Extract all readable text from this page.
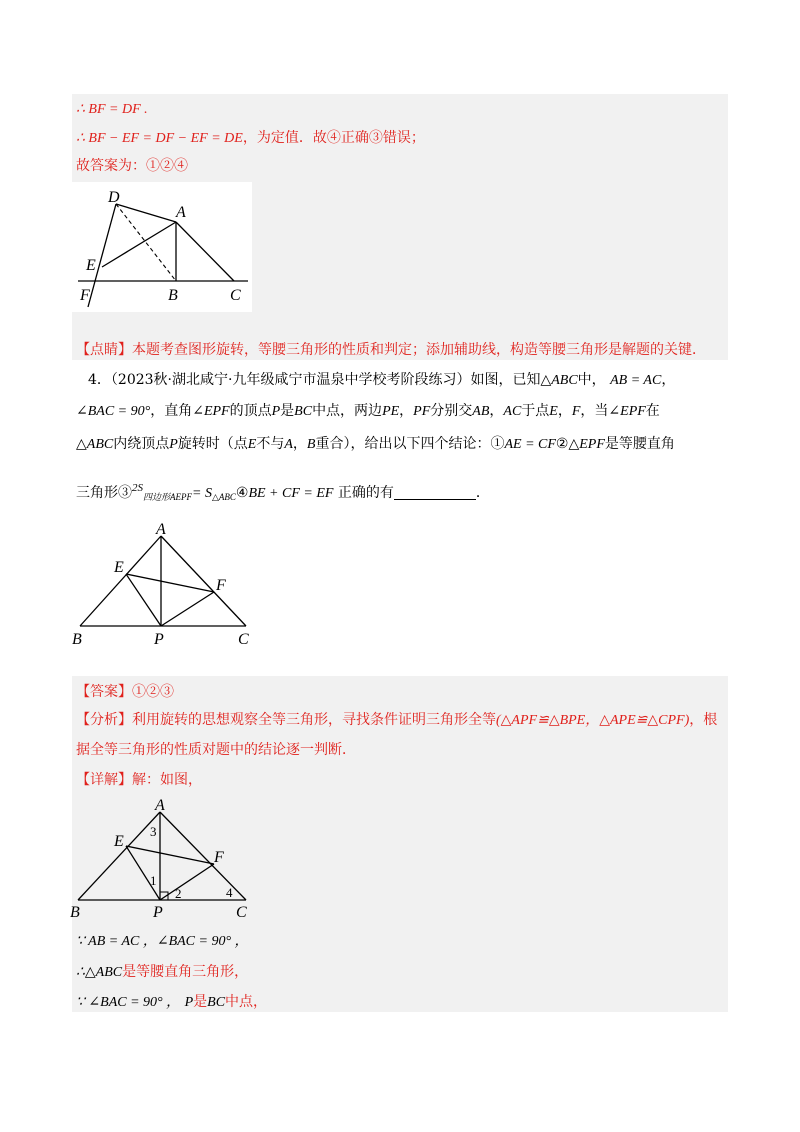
∴ BF = DF .
∴ BF − EF = DF − EF = DE，为定值．故④正确③错误；
故答案为：①②④
D
A
E
F	B	C
【点睛】本题考查图形旋转，等腰三角形的性质和判定；添加辅助线，构造等腰三角形是解题的关键．
4．（2023秋·湖北咸宁·九年级咸宁市温泉中学校考阶段练习）如图，已知△ABC中， AB = AC，
∠BAC = 90°，直角∠EPF的顶点P是BC中点，两边PE，PF分别交AB，AC于点E，F，当∠EPF在
△ABC内绕顶点P旋转时（点E不与A，B重合），给出以下四个结论：①AE = CF②△EPF是等腰直角
三角形③$^{2S}_{四边形AEPF}$= $S_{\triangle ABC}④BE$ + CF = EF 正确的有	．
A
E
F
B	P	C
【答案】①②③
【分析】利用旋转的思想观察全等三角形，寻找条件证明三角形全等(△APF≌△BPE，△APE≌△CPF)，根
据全等三角形的性质对题中的结论逐一判断．
【详解】解：如图，
A
E
F
B	P	C
3
1
2	4
∵ AB = AC ，∠BAC = 90° ，
∴△ABC是等腰直角三角形，
∵ ∠BAC = 90° ， P是BC中点，
